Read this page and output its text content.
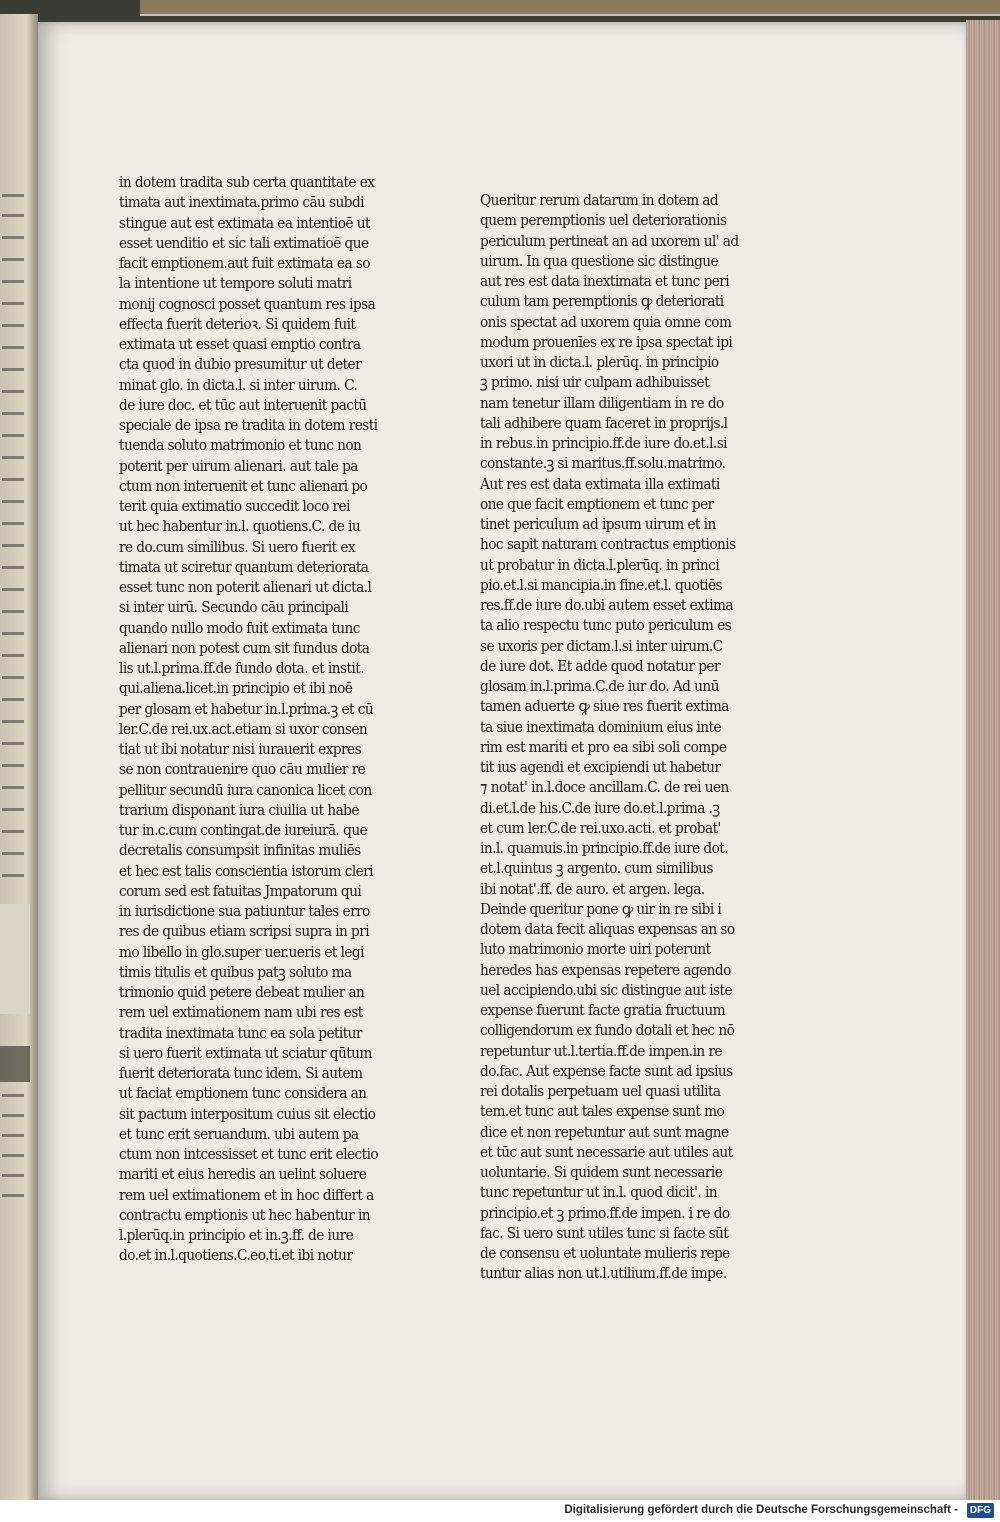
in dotem tradita sub certa quantitate ex
timata aut inextimata.primo cāu subdi
stingue aut est extimata ea intentioē ut
esset uenditio et sic tali extimatioē que
facit emptionem.aut fuit extimata ea so
la intentione ut tempore soluti matri
monij cognosci posset quantum res ipsa
effecta fuerit deterioꝛ. Si quidem fuit
extimata ut esset quasi emptio contra
cta quod in dubio presumitur ut deter
minat glo. in dicta.l. si inter uirum. C.
de iure doc. et tūc aut interuenit pactū
speciale de ipsa re tradita in dotem resti
tuenda soluto matrimonio et tunc non
poterit per uirum alienari. aut tale pa
ctum non interuenit et tunc alienari po
terit quia extimatio succedit loco rei
ut hec habentur in.l. quotiens.C. de iu
re do.cum similibus. Si uero fuerit ex
timata ut sciretur quantum deteriorata
esset tunc non poterit alienari ut dicta.l
si inter uirū. Secundo cāu principali
quando nullo modo fuit extimata tunc
alienari non potest cum sit fundus dota
lis ut.l.prima.ff.de fundo dota. et instit.
qui.aliena.licet.in principio et ibi noē
per glosam et habetur in.l.prima.ꝫ et cū
ler.C.de rei.ux.act.etiam si uxor consen
tiat ut ibi notatur nisi iurauerit expres
se non contrauenire quo cāu mulier re
pellitur secundū iura canonica licet con
trarium disponant iura ciuilia ut habe
tur in.c.cum contingat.de iureiurā. que
decretalis consumpsit infinitas muliēs
et hec est talis conscientia istorum cleri
corum sed est fatuitas Jmpatorum qui
in iurisdictione sua patiuntur tales erro
res de quibus etiam scripsi supra in pri
mo libello in glo.super uer.ueris et legi
timis titulis et quibus patꝫ soluto ma
trimonio quid petere debeat mulier an
rem uel extimationem nam ubi res est
tradita inextimata tunc ea sola petitur
si uero fuerit extimata ut sciatur qūtum
fuerit deteriorata tunc idem. Si autem
ut faciat emptionem tunc considera an
sit pactum interpositum cuius sit electio
et tunc erit seruandum. ubi autem pa
ctum non intcessisset et tunc erit electio
mariti et eius heredis an uelint soluere
rem uel extimationem et in hoc differt a
contractu emptionis ut hec habentur in
l.plerūq.in principio et in.ꝫ.ff. de iure
do.et in.l.quotiens.C.eo.ti.et ibi notur
Queritur rerum datarum in dotem ad
quem peremptionis uel deteriorationis
periculum pertineat an ad uxorem ul' ad
uirum. In qua questione sic distingue
aut res est data inextimata et tunc peri
culum tam peremptionis ꝙ deteriorati
onis spectat ad uxorem quia omne com
modum prouenīes ex re ipsa spectat ipi
uxori ut in dicta.l. plerūq. in principio
ꝫ primo. nisi uir culpam adhibuisset
nam tenetur illam diligentiam in re do
tali adhibere quam faceret in proprijs.l
in rebus.in principio.ff.de iure do.et.l.si
constante.ꝫ si maritus.ff.solu.matrimo.
Aut res est data extimata illa extimati
one que facit emptionem et tunc per
tinet periculum ad ipsum uirum et in
hoc sapit naturam contractus emptionis
ut probatur in dicta.l.plerūq. in princi
pio.et.l.si mancipia.in fine.et.l. quotiēs
res.ff.de iure do.ubi autem esset extima
ta alio respectu tunc puto periculum es
se uxoris per dictam.l.si inter uirum.C
de iure dot. Et adde quod notatur per
glosam in.l.prima.C.de iur do. Ad unū
tamen aduerte ꝙ siue res fuerit extima
ta siue inextimata dominium eius inte
rim est mariti et pro ea sibi soli compe
tit ius agendi et excipiendi ut habetur
⁊ notat' in.l.doce ancillam.C. de rei uen
di.et.l.de his.C.de iure do.et.l.prima .ꝫ
et cum ler.C.de rei.uxo.acti. et probat'
in.l. quamuis.in principio.ff.de iure dot.
et.l.quintus ꝫ argento. cum similibus
ibi notat'.ff. de auro. et argen. lega.
Deinde queritur pone ꝙ uir in re sibi i
dotem data fecit aliquas expensas an so
luto matrimonio morte uiri poterunt
heredes has expensas repetere agendo
uel accipiendo.ubi sic distingue aut iste
expense fuerunt facte gratia fructuum
colligendorum ex fundo dotali et hec nō
repetuntur ut.l.tertia.ff.de impen.in re
do.fac. Aut expense facte sunt ad ipsius
rei dotalis perpetuam uel quasi utilita
tem.et tunc aut tales expense sunt mo
dice et non repetuntur aut sunt magne
et tūc aut sunt necessarie aut utiles aut
uoluntarie. Si quidem sunt necessarie
tunc repetuntur ut in.l. quod dicit'. in
principio.et ꝫ primo.ff.de impen. i re do
fac. Si uero sunt utiles tunc si facte sūt
de consensu et uoluntate mulieris repe
tuntur alias non ut.l.utilium.ff.de impe.
Digitalisierung gefördert durch die Deutsche Forschungsgemeinschaft -	DFG
